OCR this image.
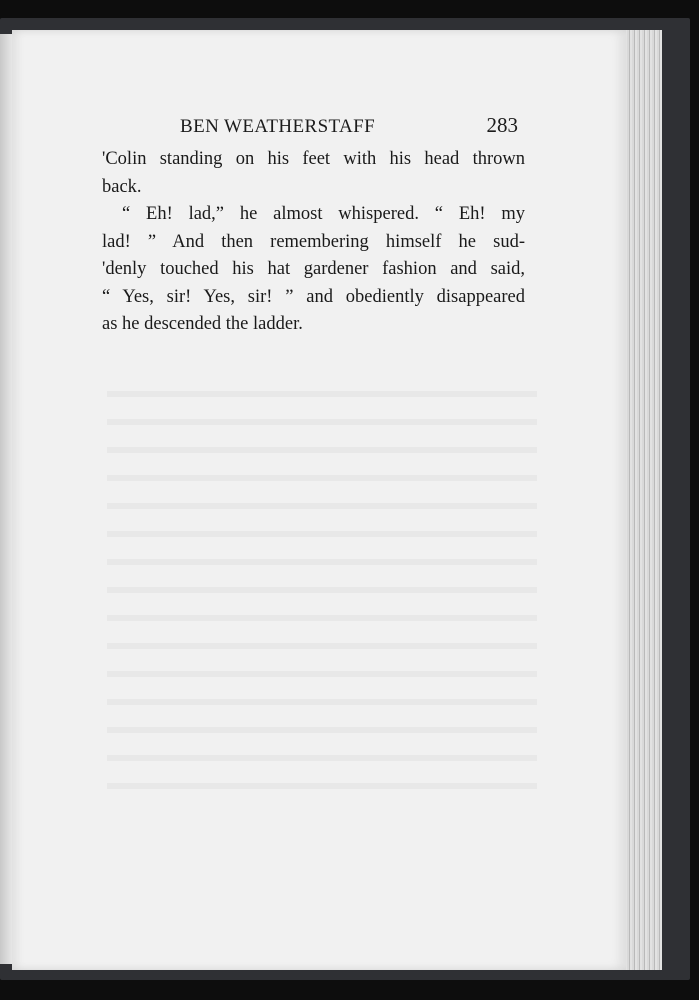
BEN WEATHERSTAFF	283
'Colin standing on his feet with his head thrown
back.
“ Eh! lad,” he almost whispered. “ Eh! my
lad! ” And then remembering himself he sud-
'denly touched his hat gardener fashion and said,
“ Yes, sir! Yes, sir! ” and obediently disappeared
as he descended the ladder.
